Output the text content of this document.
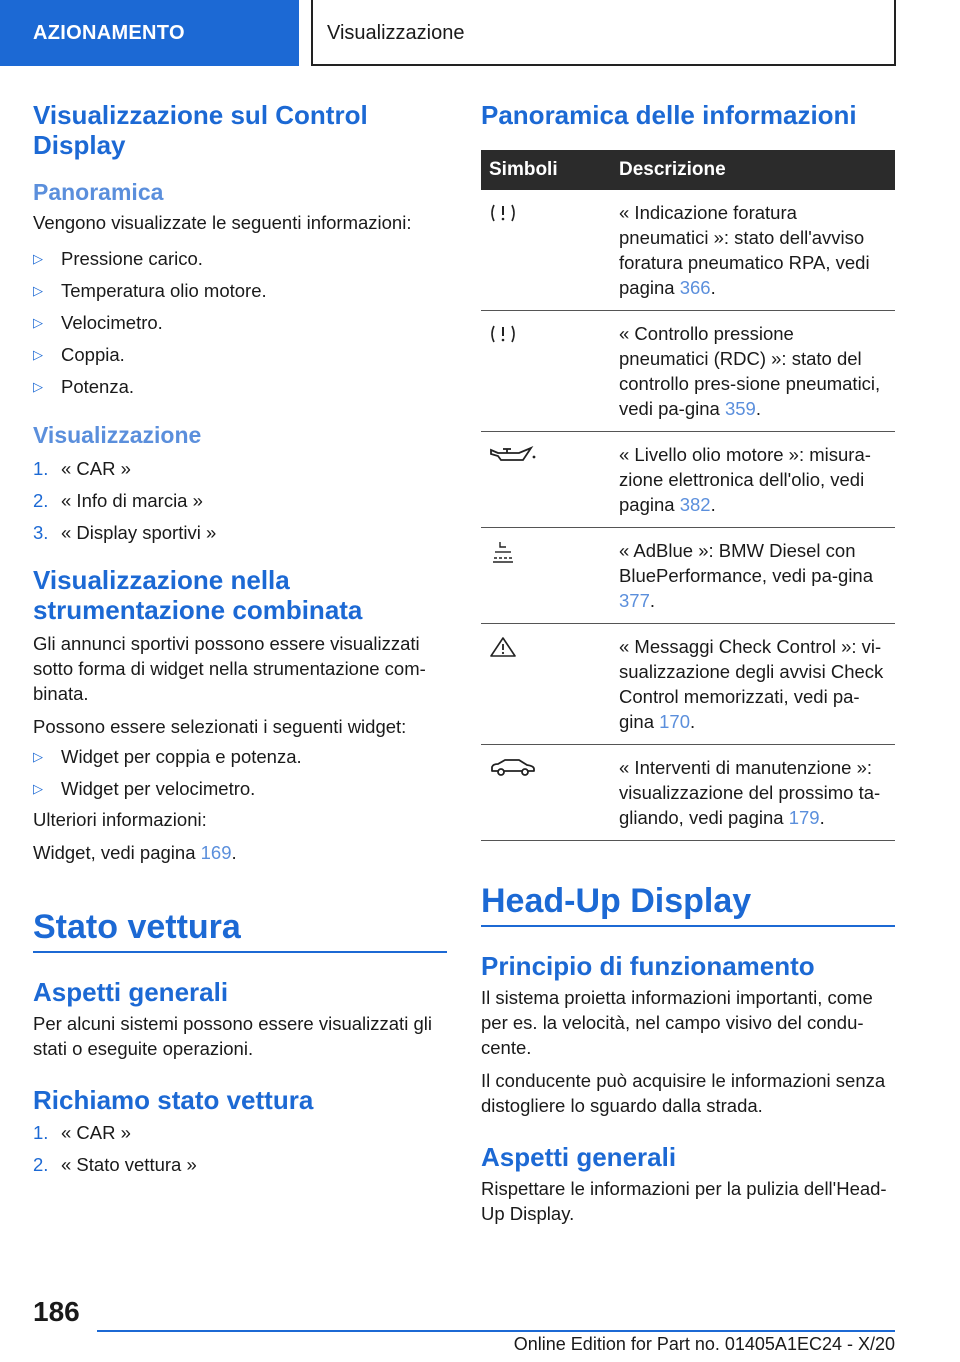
AZIONAMENTO	Visualizzazione
Visualizzazione sul Control Display
Panoramica

Vengono visualizzate le seguenti informazioni:

▷ Pressione carico.
▷ Temperatura olio motore.
▷ Velocimetro.
▷ Coppia.
▷ Potenza.
Visualizzazione
1. « CAR »
2. « Info di marcia »
3. « Display sportivi »
Visualizzazione nella strumentazione combinata

Gli annunci sportivi possono essere visualizzati sotto forma di widget nella strumentazione com‐binata.

Possono essere selezionati i seguenti widget:

▷ Widget per coppia e potenza.
▷ Widget per velocimetro.

Ulteriori informazioni:

Widget, vedi pagina 169.

Stato vettura
Aspetti generali

Per alcuni sistemi possono essere visualizzati gli stati o eseguite operazioni.

Richiamo stato vettura
1. « CAR »
2. « Stato vettura »
Panoramica delle informazioni
Simboli	Descrizione

	« Indicazione foratura pneumatici »: stato dell'avviso foratura pneumatico RPA, vedi pagina 366.

	« Controllo pressione pneumatici (RDC) »: stato del controllo pres‐sione pneumatici, vedi pa‐gina 359.

	« Livello olio motore »: misura‐zione elettronica dell'olio, vedi pagina 382.

	« AdBlue »: BMW Diesel con BluePerformance, vedi pa‐gina 377.

	« Messaggi Check Control »: vi‐sualizzazione degli avvisi Check Control memorizzati, vedi pa‐gina 170.

	« Interventi di manutenzione »: visualizzazione del prossimo ta‐gliando, vedi pagina 179.
Head-Up Display
Principio di funzionamento

Il sistema proietta informazioni importanti, come per es. la velocità, nel campo visivo del condu‐cente.

Il conducente può acquisire le informazioni senza distogliere lo sguardo dalla strada.

Aspetti generali

Rispettare le informazioni per la pulizia dell'Head-Up Display.

186
Online Edition for Part no. 01405A1EC24 - X/20
